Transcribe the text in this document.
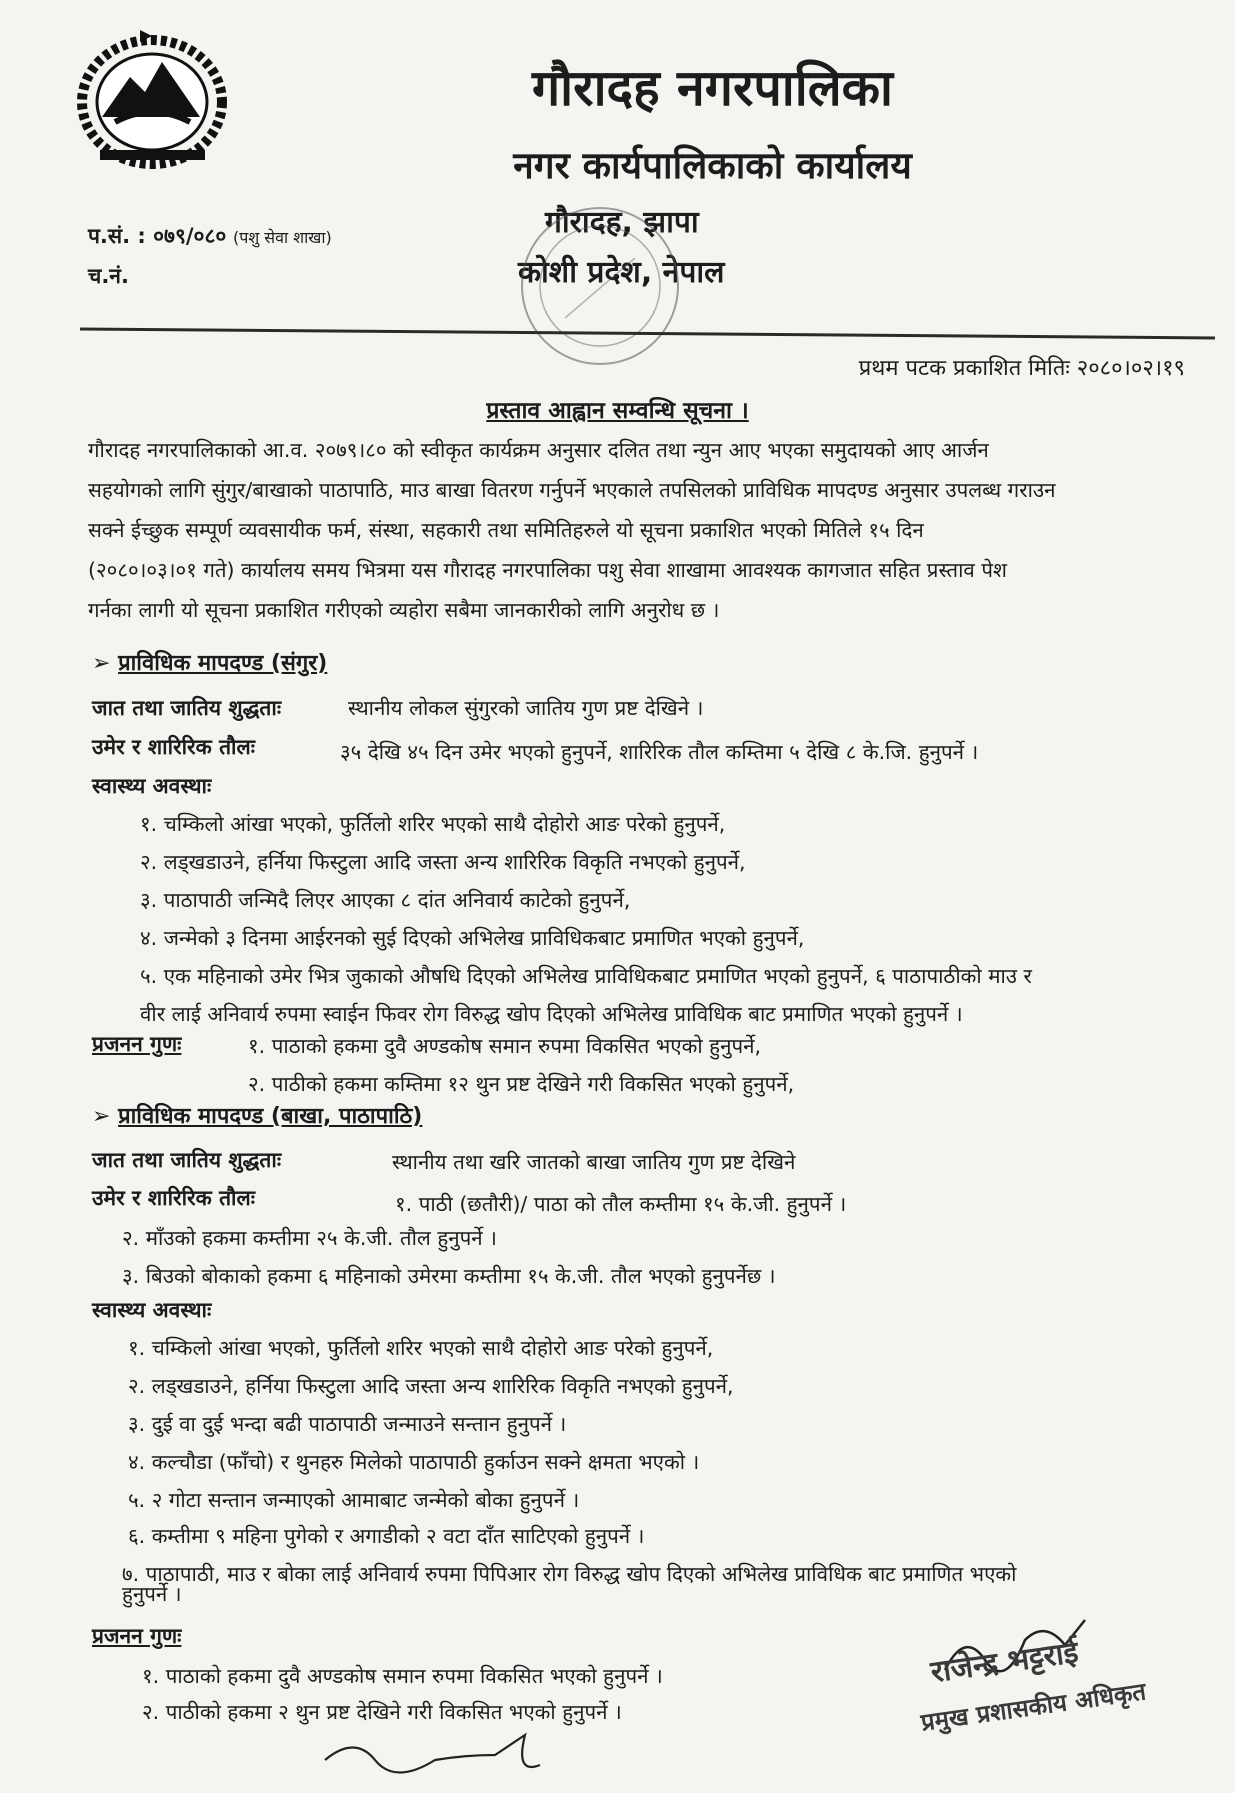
गौरादह नगरपालिका
नगर कार्यपालिकाको कार्यालय
प.सं. : ०७९/०८० (पशु सेवा शाखा)
च.नं.
गौरादह, झापा
कोशी प्रदेश, नेपाल
प्रथम पटक प्रकाशित मितिः २०८०।०२।१९
प्रस्ताव आह्वान सम्वन्धि सूचना ।
गौरादह नगरपालिकाको आ.व. २०७९।८० को स्वीकृत कार्यक्रम अनुसार दलित तथा न्युन आए भएका समुदायको आए आर्जन
सहयोगको लागि सुंगुर/बाखाको पाठापाठि, माउ बाखा वितरण गर्नुपर्ने भएकाले तपसिलको प्राविधिक मापदण्ड अनुसार उपलब्ध गराउन
सक्ने ईच्छुक सम्पूर्ण व्यवसायीक फर्म, संस्था, सहकारी तथा समितिहरुले यो सूचना प्रकाशित भएको मितिले १५ दिन
(२०८०।०३।०१ गते) कार्यालय समय भित्रमा यस गौरादह नगरपालिका पशु सेवा शाखामा आवश्यक कागजात सहित प्रस्ताव पेश
गर्नका लागी यो सूचना प्रकाशित गरीएको व्यहोरा सबैमा जानकारीको लागि अनुरोध छ ।
➢ प्राविधिक मापदण्ड (संगुर)
जात तथा जातिय शुद्धताः	स्थानीय लोकल सुंगुरको जातिय गुण प्रष्ट देखिने ।
उमेर र शारिरिक तौलः	३५ देखि ४५ दिन उमेर भएको हुनुपर्ने, शारिरिक तौल कम्तिमा ५ देखि ८ के.जि. हुनुपर्ने ।
स्वास्थ्य अवस्थाः
१. चम्किलो आंखा भएको, फुर्तिलो शरिर भएको साथै दोहोरो आङ परेको हुनुपर्ने,
२. लड्खडाउने, हर्निया फिस्टुला आदि जस्ता अन्य शारिरिक विकृति नभएको हुनुपर्ने,
३. पाठापाठी जन्मिदै लिएर आएका ८ दांत अनिवार्य काटेको हुनुपर्ने,
४. जन्मेको ३ दिनमा आईरनको सुई दिएको अभिलेख प्राविधिकबाट प्रमाणित भएको हुनुपर्ने,
५. एक महिनाको उमेर भित्र जुकाको औषधि दिएको अभिलेख प्राविधिकबाट प्रमाणित भएको हुनुपर्ने, ६ पाठापाठीको माउ र
वीर लाई अनिवार्य रुपमा स्वाईन फिवर रोग विरुद्ध खोप दिएको अभिलेख प्राविधिक बाट प्रमाणित भएको हुनुपर्ने ।
प्रजनन गुणः	१. पाठाको हकमा दुवै अण्डकोष समान रुपमा विकसित भएको हुनुपर्ने,
२. पाठीको हकमा कम्तिमा १२ थुन प्रष्ट देखिने गरी विकसित भएको हुनुपर्ने,
➢ प्राविधिक मापदण्ड (बाखा, पाठापाठि)
जात तथा जातिय शुद्धताः	स्थानीय तथा खरि जातको बाखा जातिय गुण प्रष्ट देखिने
उमेर र शारिरिक तौलः	१. पाठी (छतौरी)/ पाठा को तौल कम्तीमा १५ के.जी. हुनुपर्ने ।
२. माँउको हकमा कम्तीमा २५ के.जी. तौल हुनुपर्ने ।
३. बिउको बोकाको हकमा ६ महिनाको उमेरमा कम्तीमा १५ के.जी. तौल भएको हुनुपर्नेछ ।
स्वास्थ्य अवस्थाः
१. चम्किलो आंखा भएको, फुर्तिलो शरिर भएको साथै दोहोरो आङ परेको हुनुपर्ने,
२. लड्खडाउने, हर्निया फिस्टुला आदि जस्ता अन्य शारिरिक विकृति नभएको हुनुपर्ने,
३. दुई वा दुई भन्दा बढी पाठापाठी जन्माउने सन्तान हुनुपर्ने ।
४. कल्चौडा (फाँचो) र थुनहरु मिलेको पाठापाठी हुर्काउन सक्ने क्षमता भएको ।
५. २ गोटा सन्तान जन्माएको आमाबाट जन्मेको बोका हुनुपर्ने ।
६. कम्तीमा ९ महिना पुगेको र अगाडीको २ वटा दाँत साटिएको हुनुपर्ने ।
७. पाठापाठी, माउ र बोका लाई अनिवार्य रुपमा पिपिआर रोग विरुद्ध खोप दिएको अभिलेख प्राविधिक बाट प्रमाणित भएको
हुनुपर्ने ।
प्रजनन गुणः
१. पाठाको हकमा दुवै अण्डकोष समान रुपमा विकसित भएको हुनुपर्ने ।
२. पाठीको हकमा २ थुन प्रष्ट देखिने गरी विकसित भएको हुनुपर्ने ।
राजेन्द्र भट्टराई
प्रमुख प्रशासकीय अधिकृत
